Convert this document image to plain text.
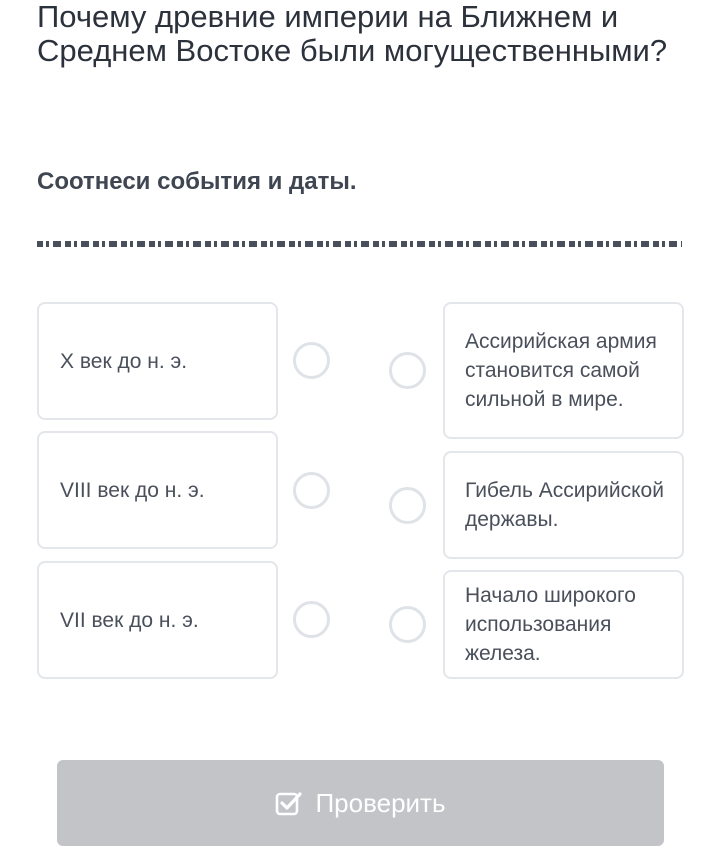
Почему древние империи на Ближнем и Среднем Востоке были могущественными?
Соотнеси события и даты.
X век до н. э.
VIII век до н. э.
VII век до н. э.
Ассирийская армия становится самой сильной в мире.
Гибель Ассирийской державы.
Начало широкого использования железа.
Проверить
